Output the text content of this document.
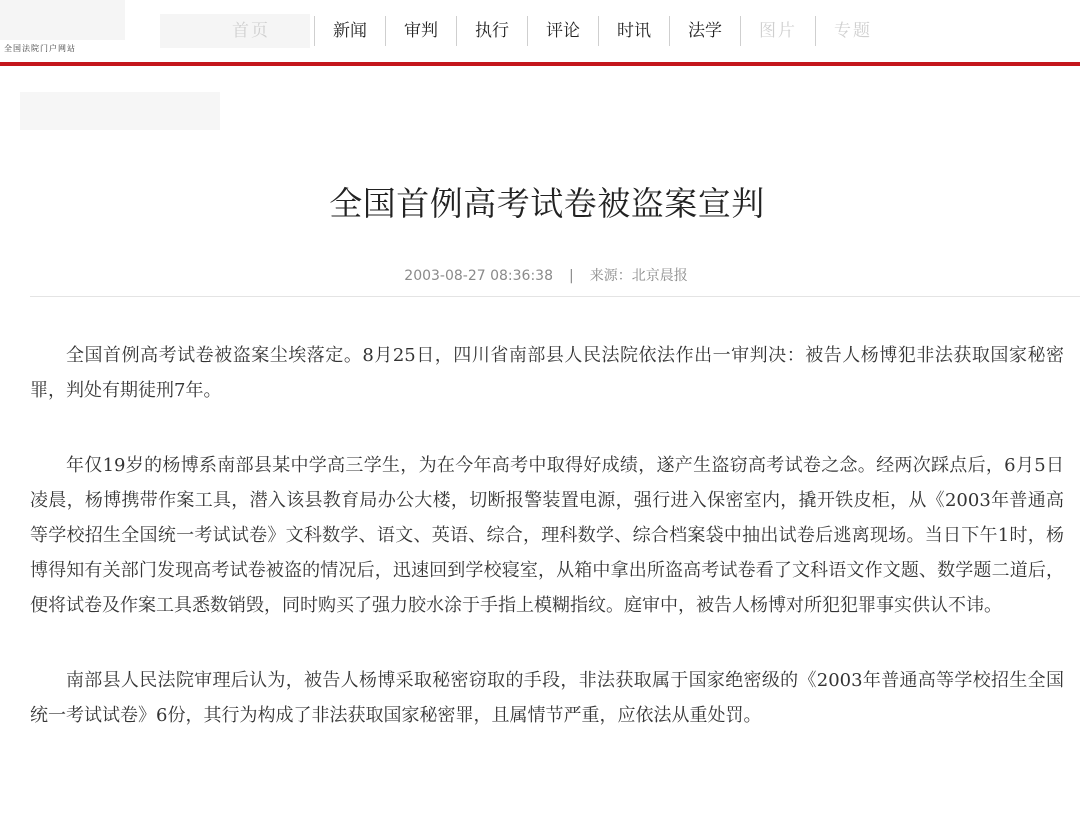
全国法院门户网站
首页	新闻	审判	执行	评论	时讯	法学	图片	专题
全国首例高考试卷被盗案宣判
2003-08-27 08:36:38 | 来源：北京晨报

全国首例高考试卷被盗案尘埃落定。8月25日，四川省南部县人民法院依法作出一审判决：被告人杨博犯非法获取国家秘密罪，判处有期徒刑7年。

年仅19岁的杨博系南部县某中学高三学生，为在今年高考中取得好成绩，遂产生盗窃高考试卷之念。经两次踩点后，6月5日凌晨，杨博携带作案工具，潜入该县教育局办公大楼，切断报警装置电源，强行进入保密室内，撬开铁皮柜，从《2003年普通高等学校招生全国统一考试试卷》文科数学、语文、英语、综合，理科数学、综合档案袋中抽出试卷后逃离现场。当日下午1时，杨博得知有关部门发现高考试卷被盗的情况后，迅速回到学校寝室，从箱中拿出所盗高考试卷看了文科语文作文题、数学题二道后，便将试卷及作案工具悉数销毁，同时购买了强力胶水涂于手指上模糊指纹。庭审中，被告人杨博对所犯犯罪事实供认不讳。

南部县人民法院审理后认为，被告人杨博采取秘密窃取的手段，非法获取属于国家绝密级的《2003年普通高等学校招生全国统一考试试卷》6份，其行为构成了非法获取国家秘密罪，且属情节严重，应依法从重处罚。
